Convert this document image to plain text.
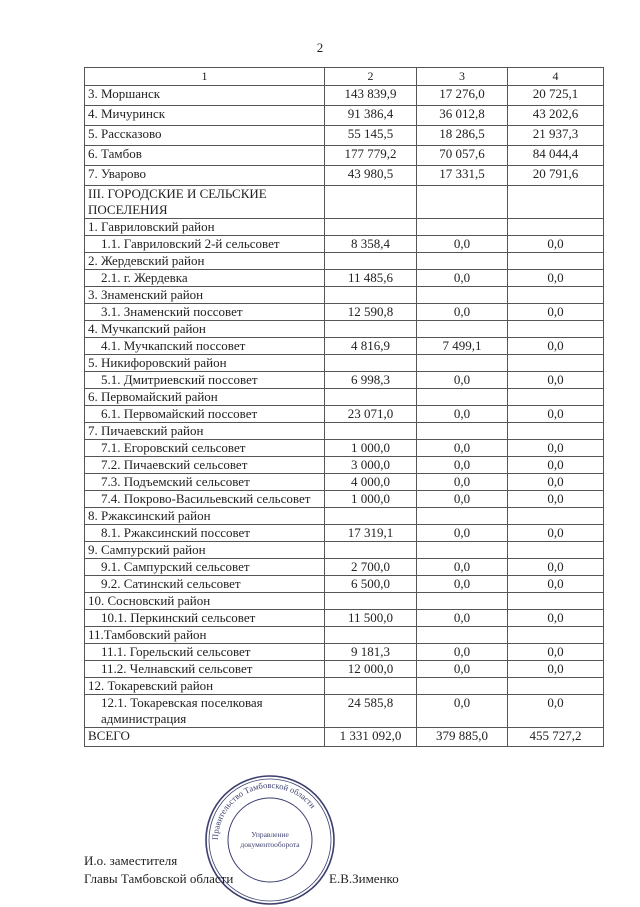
2
1	2	3	4
3. Моршанск	143 839,9	17 276,0	20 725,1
4. Мичуринск	91 386,4	36 012,8	43 202,6
5. Рассказово	55 145,5	18 286,5	21 937,3
6. Тамбов	177 779,2	70 057,6	84 044,4
7. Уварово	43 980,5	17 331,5	20 791,6
III. ГОРОДСКИЕ И СЕЛЬСКИЕ ПОСЕЛЕНИЯ			
1. Гавриловский район			
1.1. Гавриловский 2-й сельсовет	8 358,4	0,0	0,0
2. Жердевский район			
2.1. г. Жердевка	11 485,6	0,0	0,0
3. Знаменский район			
3.1. Знаменский поссовет	12 590,8	0,0	0,0
4. Мучкапский район			
4.1. Мучкапский поссовет	4 816,9	7 499,1	0,0
5. Никифоровский район			
5.1. Дмитриевский поссовет	6 998,3	0,0	0,0
6. Первомайский район			
6.1. Первомайский поссовет	23 071,0	0,0	0,0
7. Пичаевский район			
7.1. Егоровский сельсовет	1 000,0	0,0	0,0
7.2. Пичаевский сельсовет	3 000,0	0,0	0,0
7.3. Подъемский сельсовет	4 000,0	0,0	0,0
7.4. Покрово-Васильевский сельсовет	1 000,0	0,0	0,0
8. Ржаксинский район			
8.1. Ржаксинский поссовет	17 319,1	0,0	0,0
9. Сампурский район			
9.1. Сампурский сельсовет	2 700,0	0,0	0,0
9.2. Сатинский сельсовет	6 500,0	0,0	0,0
10. Сосновский район			
10.1. Перкинский сельсовет	11 500,0	0,0	0,0
11.Тамбовский район			
11.1. Горельский сельсовет	9 181,3	0,0	0,0
11.2. Челнавский сельсовет	12 000,0	0,0	0,0
12. Токаревский район			
12.1. Токаревская поселковая администрация	24 585,8	0,0	0,0
ВСЕГО	1 331 092,0	379 885,0	455 727,2
Правительство Тамбовской области
Управление
документооборота
И.о. заместителя
Главы Тамбовской области	Е.В.Зименко
